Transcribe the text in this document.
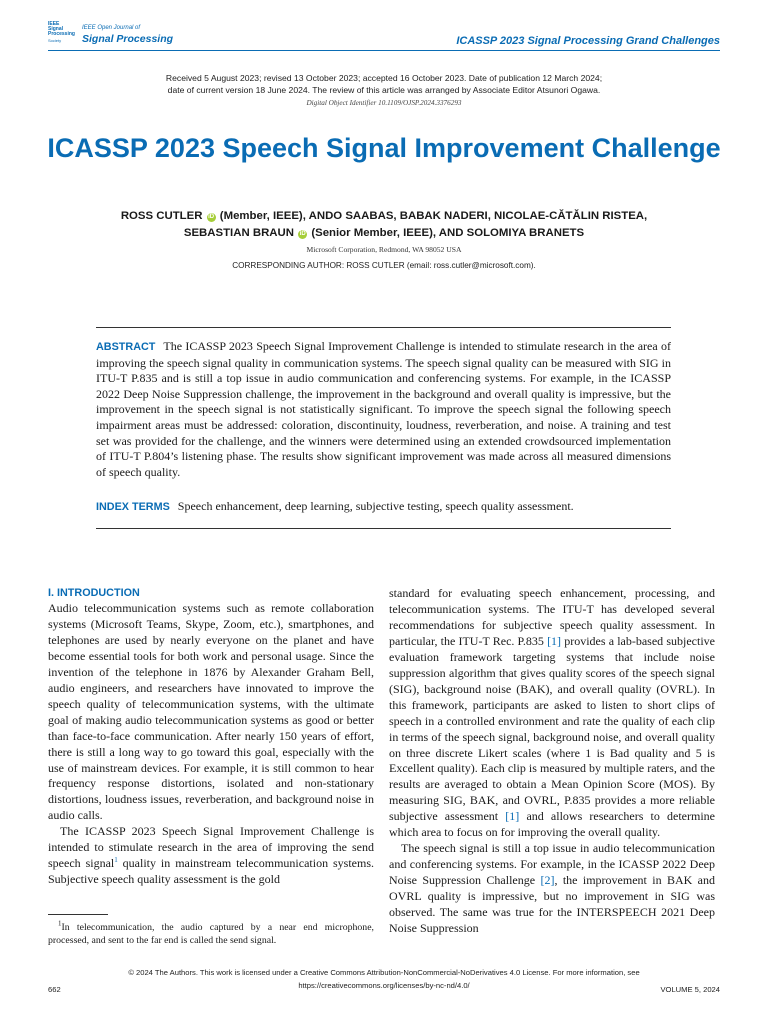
IEEE
Signal
Processing
Society
IEEE Open Journal of
Signal Processing	ICASSP 2023 Signal Processing Grand Challenges
Received 5 August 2023; revised 13 October 2023; accepted 16 October 2023. Date of publication 12 March 2024;
date of current version 18 June 2024. The review of this article was arranged by Associate Editor Atsunori Ogawa.
Digital Object Identifier 10.1109/OJSP.2024.3376293
ICASSP 2023 Speech Signal Improvement Challenge
ROSS CUTLER iD (Member, IEEE), ANDO SAABAS, BABAK NADERI, NICOLAE-CĂTĂLIN RISTEA,
SEBASTIAN BRAUN iD (Senior Member, IEEE), AND SOLOMIYA BRANETS
Microsoft Corporation, Redmond, WA 98052 USA
CORRESPONDING AUTHOR: ROSS CUTLER (email: ross.cutler@microsoft.com).
ABSTRACT The ICASSP 2023 Speech Signal Improvement Challenge is intended to stimulate research in the area of improving the speech signal quality in communication systems. The speech signal quality can be measured with SIG in ITU-T P.835 and is still a top issue in audio communication and conferencing systems. For example, in the ICASSP 2022 Deep Noise Suppression challenge, the improvement in the background and overall quality is impressive, but the improvement in the speech signal is not statistically significant. To improve the speech signal the following speech impairment areas must be addressed: coloration, discontinuity, loudness, reverberation, and noise. A training and test set was provided for the challenge, and the winners were determined using an extended crowdsourced implementation of ITU-T P.804’s listening phase. The results show significant improvement was made across all measured dimensions of speech quality.
INDEX TERMS Speech enhancement, deep learning, subjective testing, speech quality assessment.
I. INTRODUCTION

Audio telecommunication systems such as remote collaboration systems (Microsoft Teams, Skype, Zoom, etc.), smartphones, and telephones are used by nearly everyone on the planet and have become essential tools for both work and personal usage. Since the invention of the telephone in 1876 by Alexander Graham Bell, audio engineers, and researchers have innovated to improve the speech quality of telecommunication systems, with the ultimate goal of making audio telecommunication systems as good or better than face-to-face communication. After nearly 150 years of effort, there is still a long way to go toward this goal, especially with the use of mainstream devices. For example, it is still common to hear frequency response distortions, isolated and non-stationary distortions, loudness issues, reverberation, and background noise in audio calls.

The ICASSP 2023 Speech Signal Improvement Challenge is intended to stimulate research in the area of improving the send speech signal$^1$ quality in mainstream telecommunication systems. Subjective speech quality assessment is the gold

standard for evaluating speech enhancement, processing, and telecommunication systems. The ITU-T has developed several recommendations for subjective speech quality assessment. In particular, the ITU-T Rec. P.835 [1] provides a lab-based subjective evaluation framework targeting systems that include noise suppression algorithm that gives quality scores of the speech signal (SIG), background noise (BAK), and overall quality (OVRL). In this framework, participants are asked to listen to short clips of speech in a controlled environment and rate the quality of each clip in terms of the speech signal, background noise, and overall quality on three discrete Likert scales (where 1 is Bad quality and 5 is Excellent quality). Each clip is measured by multiple raters, and the results are averaged to obtain a Mean Opinion Score (MOS). By measuring SIG, BAK, and OVRL, P.835 provides a more reliable subjective assessment [1] and allows researchers to determine which area to focus on for improving the overall quality.

The speech signal is still a top issue in audio telecommunication and conferencing systems. For example, in the ICASSP 2022 Deep Noise Suppression Challenge [2], the improvement in BAK and OVRL quality is impressive, but no improvement in SIG was observed. The same was true for the INTERSPEECH 2021 Deep Noise Suppression

$^1$In telecommunication, the audio captured by a near end microphone, processed, and sent to the far end is called the send signal.
© 2024 The Authors. This work is licensed under a Creative Commons Attribution-NonCommercial-NoDerivatives 4.0 License. For more information, see
https://creativecommons.org/licenses/by-nc-nd/4.0/
662	VOLUME 5, 2024
